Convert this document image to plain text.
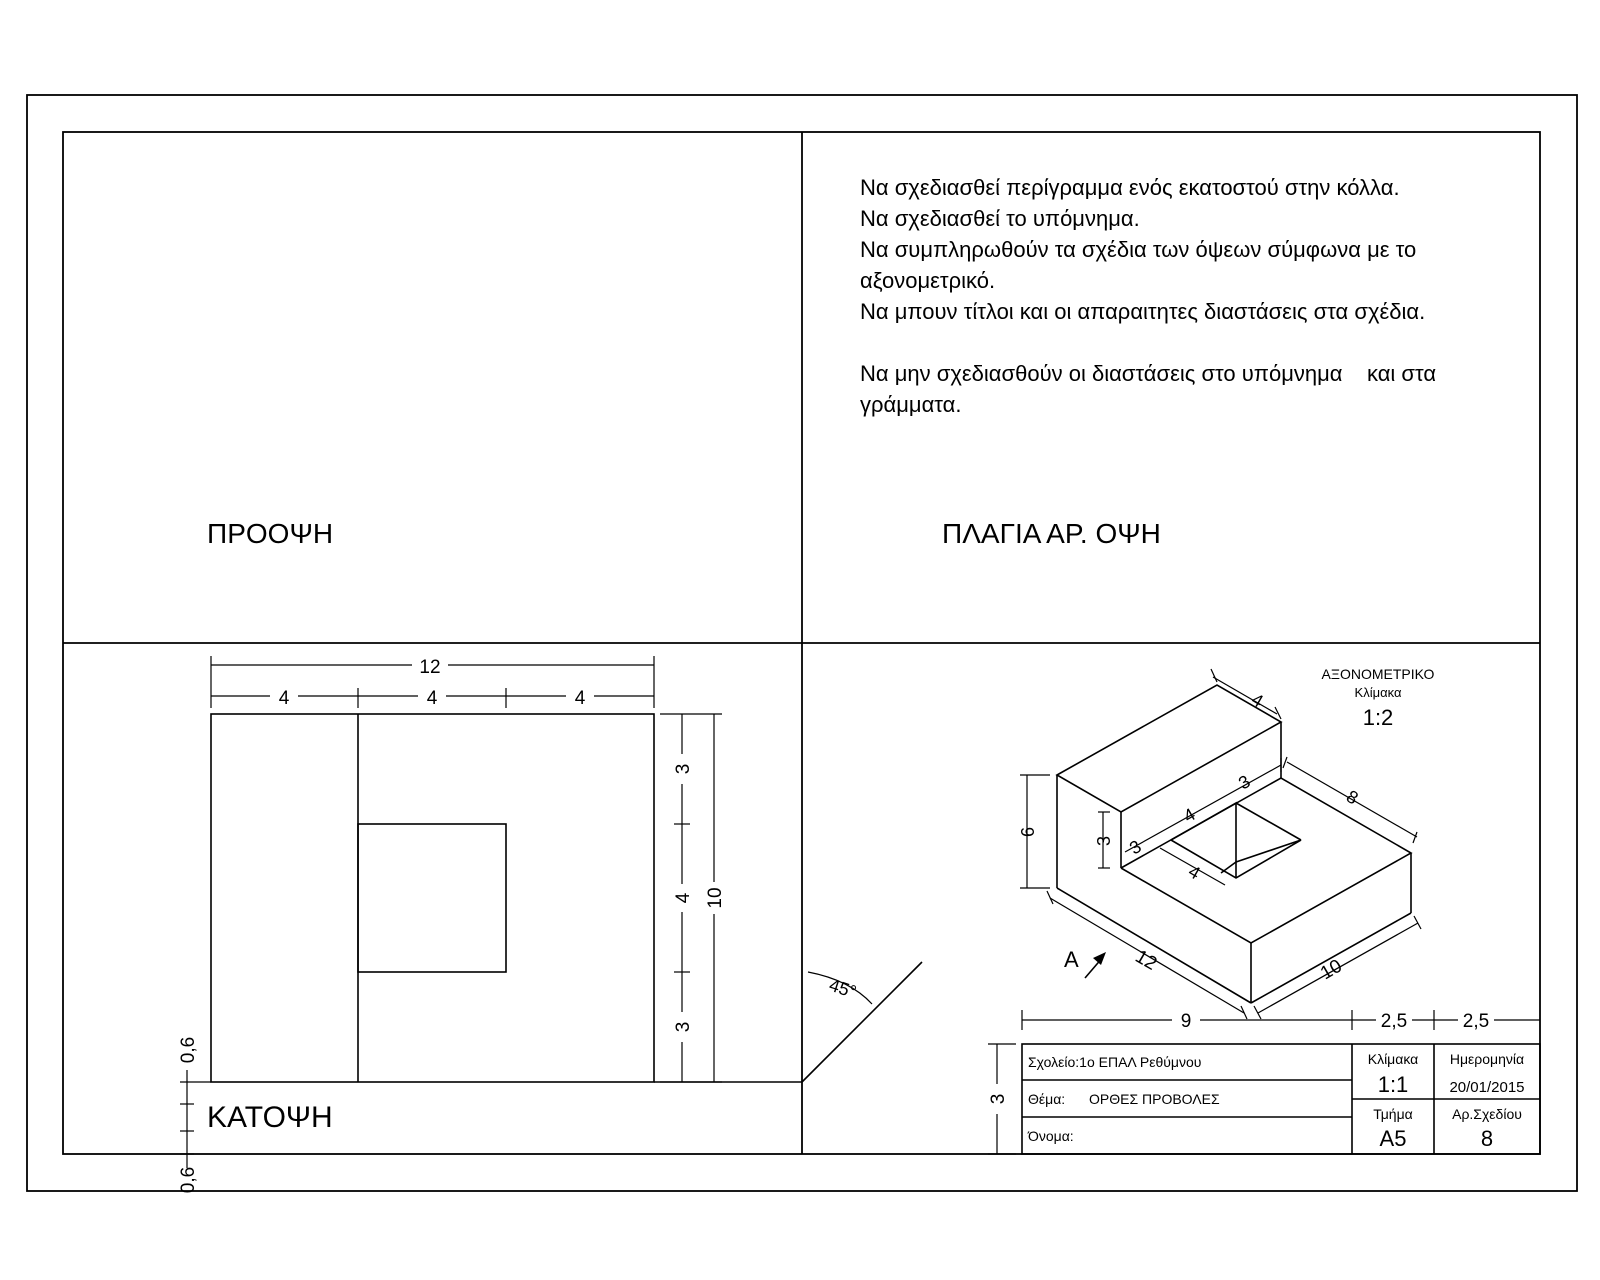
Να σχεδιασθεί περίγραμμα ενός εκατοστού στην κόλλα.
Να σχεδιασθεί το υπόμνημα.
Να συμπληρωθούν τα σχέδια των όψεων σύμφωνα με το
αξονομετρικό.
Να μπουν τίτλοι και οι απαραιτητες διαστάσεις στα σχέδια.
Να μην σχεδιασθούν οι διαστάσεις στο υπόμνημα    και στα
γράμματα.
ΠΡΟΟΨΗ	ΠΛΑΓΙΑ ΑΡ. ΟΨΗ
ΚΑΤΟΨΗ
12
4	4	4
3
4
3
10
0,6
0,6
45°
ΑΞΟΝΟΜΕΤΡΙΚΟ
Κλίμακα
1:2
4
8
3
4
3
3
4
6
12	10
A
9	2,5	2,5
3
Σχολείο:1ο ΕΠΑΛ Ρεθύμνου
Θέμα: ΟΡΘΕΣ ΠΡΟΒΟΛΕΣ
Όνομα:
Κλίμακα
1:1
Ημερομηνία
20/01/2015
Τμήμα
Α5
Αρ.Σχεδίου
8
